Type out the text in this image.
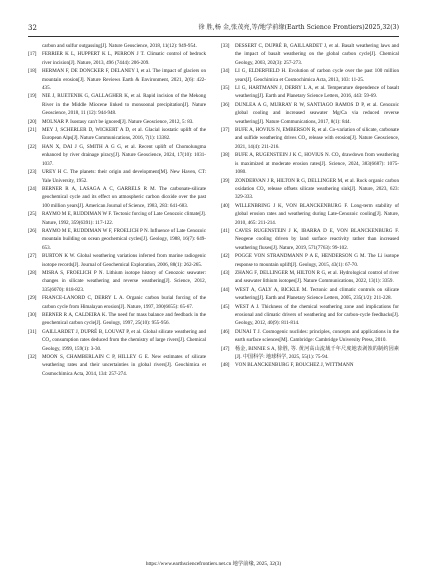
32	徐 胜,杨 金,张茂亮,等/地学前缘(Earth Science Frontiers)2025,32(3)
carbon and sulfur outgassing[J]. Nature Geoscience, 2018, 11(12): 949-954.
[17] FERRIER K L, HUPPERT K L, PERRON J T. Climatic control of bedrock river incision[J]. Nature, 2013, 496 (7444): 206-209.
[18] HERMAN F, DE DONCKER F, DELANEY I, et al. The impact of glaciers on mountain erosion[J]. Nature Reviews Earth & Environment, 2021, 2(6): 422-435.
[19] NIE J, RUETENIK G, GALLAGHER K, et al. Rapid incision of the Mekong River in the Middle Miocene linked to monsoonal precipitation[J]. Nature Geoscience, 2018, 11 (12): 944-948.
[20] MOLNAR P. Isostasy can't be ignored[J]. Nature Geoscience, 2012, 5: 83.
[21] MEY J, SCHERLER D, WICKERT A D, et al. Glacial isostatic uplift of the European Alps[J]. Nature Communications, 2016, 7(1): 13382.
[22] HAN X, DAI J G, SMITH A G G, et al. Recent uplift of Chomolungma enhanced by river drainage piracy[J]. Nature Geoscience, 2024, 17(10): 1031-1037.
[23] UREY H C. The planets: their origin and development[M]. New Haven, CT: Yale University, 1952.
[24] BERNER R A, LASAGA A C, GARRELS R M. The carbonate-silicate geochemical cycle and its effect on atmospheric carbon dioxide over the past 100 million years[J]. American Journal of Science, 1983, 283: 641-683.
[25] RAYMO M E, RUDDIMAN W F. Tectonic forcing of Late Cenozoic climate[J]. Nature, 1992, 359(6391): 117-122.
[26] RAYMO M E, RUDDIMAN W F, FROELICH P N. Influence of Late Cenozoic mountain building on ocean geochemical cycles[J]. Geology, 1988, 16(7): 649-653.
[27] BURTON K W. Global weathering variations inferred from marine radiogenic isotope records[J]. Journal of Geochemical Exploration, 2006, 88(1): 262-265.
[28] MISRA S, FROELICH P N. Lithium isotope history of Cenozoic seawater: changes in silicate weathering and reverse weathering[J]. Science, 2012, 335(6070): 818-823.
[29] FRANCE-LANORD C, DERRY L A. Organic carbon burial forcing of the carbon cycle from Himalayan erosion[J]. Nature, 1997, 390(6655): 65-67.
[30] BERNER R A, CALDEIRA K. The need for mass balance and feedback in the geochemical carbon cycle[J]. Geology, 1997, 25(10): 955-956.
[31] GAILLARDET J, DUPRÉ B, LOUVAT P, et al. Global silicate weathering and CO₂ consumption rates deduced from the chemistry of large rivers[J]. Chemical Geology, 1999, 159(1): 3-30.
[32] MOON S, CHAMBERLAIN C P, HILLEY G E. New estimates of silicate weathering rates and their uncertainties in global rivers[J]. Geochimica et Cosmochimica Acta, 2014, 134: 257-274.
[33] DESSERT C, DUPRÉ B, GAILLARDET J, et al. Basalt weathering laws and the impact of basalt weathering on the global carbon cycle[J]. Chemical Geology, 2003, 202(3): 257-273.
[34] LI G, ELDERFIELD H. Evolution of carbon cycle over the past 100 million years[J]. Geochimica et Cosmochimica Acta, 2013, 103: 11-25.
[35] LI G, HARTMANN J, DERRY L A, et al. Temperature dependence of basalt weathering[J]. Earth and Planetary Science Letters, 2016, 443: 59-69.
[36] DUNLEA A G, MURRAY R W, SANTIAGO RAMOS D P, et al. Cenozoic global cooling and increased seawater Mg/Ca via reduced reverse weathering[J]. Nature Communications, 2017, 8(1): 844.
[37] BUFE A, HOVIUS N, EMBERSON R, et al. Co-variation of silicate, carbonate and sulfide weathering drives CO₂ release with erosion[J]. Nature Geoscience, 2021, 14(4): 211-216.
[38] BUFE A, RUGENSTEIN J K C, HOVIUS N. CO₂ drawdown from weathering is maximized at moderate erosion rates[J]. Science, 2024, 383(6687): 1075-1080.
[39] ZONDERVAN J R, HILTON R G, DELLINGER M, et al. Rock organic carbon oxidation CO₂ release offsets silicate weathering sink[J]. Nature, 2023, 623: 329-333.
[40] WILLENBRING J K, VON BLANCKENBURG F. Long-term stability of global erosion rates and weathering during Late-Cenozoic cooling[J]. Nature, 2010, 465: 211-214.
[41] CAVES RUGENSTEIN J K, IBARRA D E, VON BLANCKENBURG F. Neogene cooling driven by land surface reactivity rather than increased weathering fluxes[J]. Nature, 2019, 571(7763): 99-102.
[42] POGGE VON STRANDMANN P A E, HENDERSON G M. The Li isotope response to mountain uplift[J]. Geology, 2015, 43(1): 67-70.
[43] ZHANG F, DELLINGER M, HILTON R G, et al. Hydrological control of river and seawater lithium isotopes[J]. Nature Communications, 2022, 13(1): 3359.
[44] WEST A, GALY A, BICKLE M. Tectonic and climatic controls on silicate weathering[J]. Earth and Planetary Science Letters, 2005, 235(1/2): 211-228.
[45] WEST A J. Thickness of the chemical weathering zone and implications for erosional and climatic drivers of weathering and for carbon-cycle feedbacks[J]. Geology, 2012, 40(9): 811-814.
[46] DUNAI T J. Cosmogenic nuclides: principles, concepts and applications in the earth surface sciences[M]. Cambridge: Cambridge University Press, 2010.
[47] 杨金, BINNIE S A, 徐胜, 等. 黄河高山流域千年尺度地表剥蚀的制约因素[J]. 中国科学: 地球科学, 2025, 55(1): 75-94.
[48] VON BLANCKENBURG F, BOUCHEZ J, WITTMANN
https://www.earthsciencefrontiers.net.cn 地学前缘, 2025, 32(3)
